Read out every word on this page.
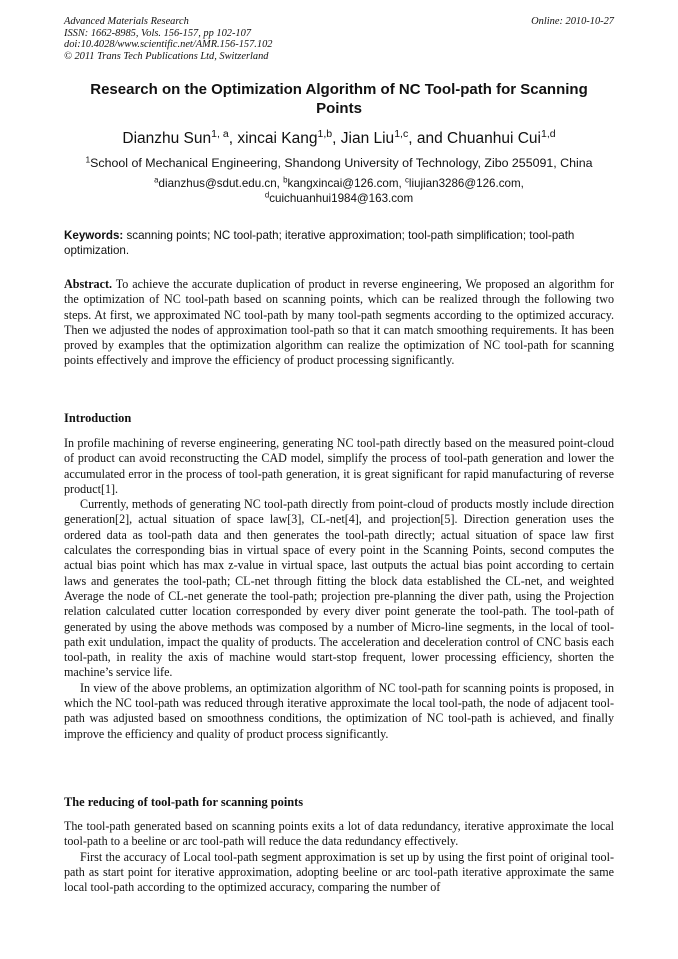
Advanced Materials Research
ISSN: 1662-8985, Vols. 156-157, pp 102-107
doi:10.4028/www.scientific.net/AMR.156-157.102
© 2011 Trans Tech Publications Ltd, Switzerland
Online: 2010-10-27
Research on the Optimization Algorithm of NC Tool-path for Scanning
Points
Dianzhu Sun$^{1, a}$, xincai Kang$^{1,b}$, Jian Liu$^{1,c}$, and Chuanhui Cui$^{1,d}$
$^1$School of Mechanical Engineering, Shandong University of Technology, Zibo 255091, China
$^a$dianzhus@sdut.edu.cn, $^b$kangxincai@126.com, $^c$liujian3286@126.com,
$^d$cuichuanhui1984@163.com
Keywords: scanning points; NC tool-path; iterative approximation; tool-path simplification; tool-path optimization.

Abstract. To achieve the accurate duplication of product in reverse engineering, We proposed an algorithm for the optimization of NC tool-path based on scanning points, which can be realized through the following two steps. At first, we approximated NC tool-path by many tool-path segments according to the optimized accuracy. Then we adjusted the nodes of approximation tool-path so that it can match smoothing requirements. It has been proved by examples that the optimization algorithm can realize the optimization of NC tool-path for scanning points effectively and improve the efficiency of product processing significantly.

Introduction

In profile machining of reverse engineering, generating NC tool-path directly based on the measured point-cloud of product can avoid reconstructing the CAD model, simplify the process of tool-path generation and lower the accumulated error in the process of tool-path generation, it is great significant for rapid manufacturing of reverse product[1].

Currently, methods of generating NC tool-path directly from point-cloud of products mostly include direction generation[2], actual situation of space law[3], CL-net[4], and projection[5]. Direction generation uses the ordered data as tool-path data and then generates the tool-path directly; actual situation of space law first calculates the corresponding bias in virtual space of every point in the Scanning Points, second computes the actual bias point which has max z-value in virtual space, last outputs the actual bias point according to certain laws and generates the tool-path; CL-net through fitting the block data established the CL-net, and weighted Average the node of CL-net generate the tool-path; projection pre-planning the diver path, using the Projection relation calculated cutter location corresponded by every diver point generate the tool-path. The tool-path of generated by using the above methods was composed by a number of Micro-line segments, in the local of tool-path exit undulation, impact the quality of products. The acceleration and deceleration control of CNC basis each tool-path, in reality the axis of machine would start-stop frequent, lower processing efficiency, shorten the machine’s service life.

In view of the above problems, an optimization algorithm of NC tool-path for scanning points is proposed, in which the NC tool-path was reduced through iterative approximate the local tool-path, the node of adjacent tool-path was adjusted based on smoothness conditions, the optimization of NC tool-path is achieved, and finally improve the efficiency and quality of product process significantly.

The reducing of tool-path for scanning points

The tool-path generated based on scanning points exits a lot of data redundancy, iterative approximate the local tool-path to a beeline or arc tool-path will reduce the data redundancy effectively.

First the accuracy of Local tool-path segment approximation is set up by using the first point of original tool-path as start point for iterative approximation, adopting beeline or arc tool-path iterative approximate the same local tool-path according to the optimized accuracy, comparing the number of
